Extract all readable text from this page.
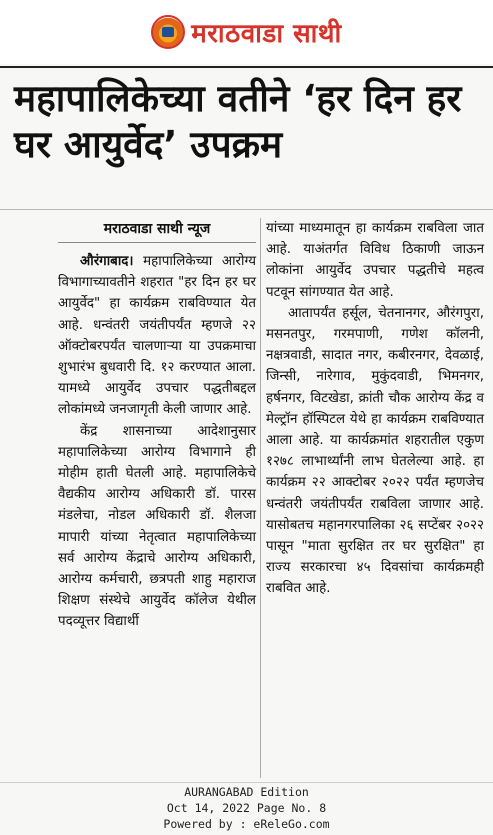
मराठवाडा साथी
महापालिकेच्या वतीने ‘हर दिन हर घर आयुर्वेद’ उपक्रम

मराठवाडा साथी न्यूज

औरंगाबाद। महापालिकेच्या आरोग्य विभागाच्यावतीने शहरात "हर दिन हर घर आयुर्वेद" हा कार्यक्रम राबविण्यात येत आहे. धन्वंतरी जयंतीपर्यंत म्हणजे २२ ऑक्टोबरपर्यंत चालणाऱ्या या उपक्रमाचा शुभारंभ बुधवारी दि. १२ करण्यात आला. यामध्ये आयुर्वेद उपचार पद्धतीबद्दल लोकांमध्ये जनजागृती केली जाणार आहे.

केंद्र शासनाच्या आदेशानुसार महापालिकेच्या आरोग्य विभागाने ही मोहीम हाती घेतली आहे. महापालिकेचे वैद्यकीय आरोग्य अधिकारी डॉ. पारस मंडलेचा, नोडल अधिकारी डॉ. शैलजा मापारी यांच्या नेतृत्वात महापालिकेच्या सर्व आरोग्य केंद्राचे आरोग्य अधिकारी, आरोग्य कर्मचारी, छत्रपती शाहु महाराज शिक्षण संस्थेचे आयुर्वेद कॉलेज येथील पदव्यूत्तर विद्यार्थी

यांच्या माध्यमातून हा कार्यक्रम राबविला जात आहे. याअंतर्गत विविध ठिकाणी जाऊन लोकांना आयुर्वेद उपचार पद्धतीचे महत्व पटवून सांगण्यात येत आहे.

आतापर्यंत हर्सूल, चेतनानगर, औरंगपुरा, मसनतपुर, गरमपाणी, गणेश कॉलनी, नक्षत्रवाडी, सादात नगर, कबीरनगर, देवळाई, जिन्सी, नारेगाव, मुकुंदवाडी, भिमनगर, हर्षनगर, विटखेडा, क्रांती चौक आरोग्य केंद्र व मेल्ट्रॉन हॉस्पिटल येथे हा कार्यक्रम राबविण्यात आला आहे. या कार्यक्रमांत शहरातील एकुण १२७८ लाभार्थ्यांनी लाभ घेतलेल्या आहे. हा कार्यक्रम २२ आक्टोबर २०२२ पर्यंत म्हणजेच धन्वंतरी जयंतीपर्यंत राबविला जाणार आहे. यासोबतच महानगरपालिका २६ सप्टेंबर २०२२ पासून "माता सुरक्षित तर घर सुरक्षित" हा राज्य सरकारचा ४५ दिवसांचा कार्यक्रमही राबवित आहे.

AURANGABAD Edition
Oct 14, 2022 Page No. 8
Powered by : eReleGo.com
